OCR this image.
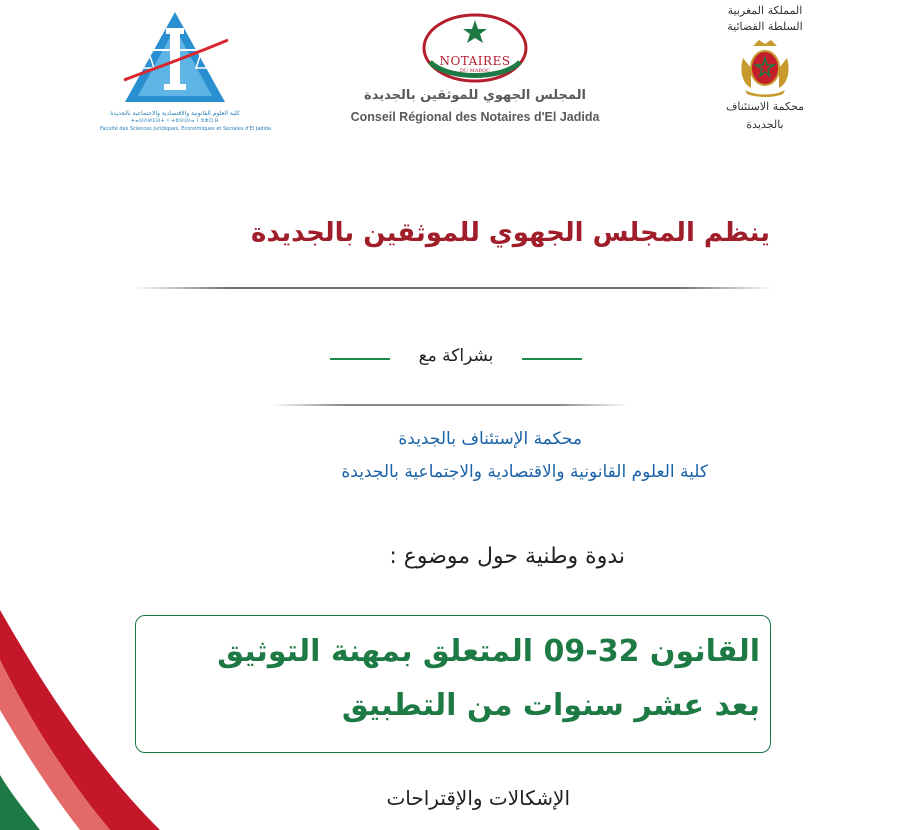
كلية العلوم القانونية والاقتصادية والاجتماعية بالجديدة
ⵜⴰⵙⴷⵍⵉⵙⵜ ⵏ ⵜⵓⵙⵙⵏⴰ ⵏ ⵓⵣⵔⴼ
Faculté des Sciences Juridiques, Economiques et Sociales d'El Jadida
NOTAIRES
DU MAROC
المجلس الجهوي للموثقين بالجديدة
Conseil Régional des Notaires d'El Jadida
المملكة المغربية
السلطة القضائية
محكمة الاستئناف
بالجديدة
ينظم المجلس الجهوي للموثقين بالجديدة
بشراكة مع
محكمة الإستئناف بالجديدة
كلية العلوم القانونية والاقتصادية والاجتماعية بالجديدة
ندوة وطنية حول موضوع :
القانون 32-09 المتعلق بمهنة التوثيق
بعد عشر سنوات من التطبيق
الإشكالات والإقتراحات
